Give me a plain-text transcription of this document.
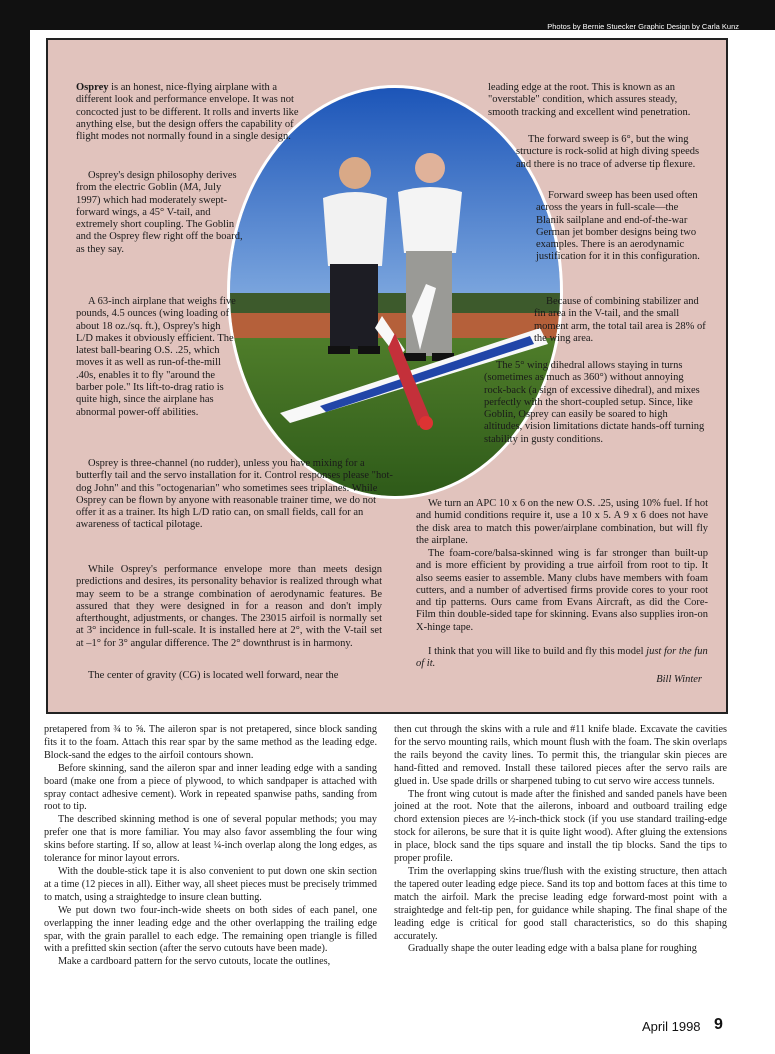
Photos by Bernie Stuecker Graphic Design by Carla Kunz

Osprey is an honest, nice-flying airplane with a different look and performance envelope. It was not concocted just to be different. It rolls and inverts like anything else, but the design offers the capability of flight modes not normally found in a single design.

Osprey's design philosophy derives from the electric Goblin (MA, July 1997) which had moderately swept-forward wings, a 45° V-tail, and extremely short coupling. The Goblin and the Osprey flew right off the board, as they say.

A 63-inch airplane that weighs five pounds, 4.5 ounces (wing loading of about 18 oz./sq. ft.), Osprey's high L/D makes it obviously efficient. The latest ball-bearing O.S. .25, which moves it as well as run-of-the-mill .40s, enables it to fly "around the barber pole." Its lift-to-drag ratio is quite high, since the airplane has abnormal power-off abilities.

Osprey is three-channel (no rudder), unless you have mixing for a butterfly tail and the servo installation for it. Control responses please "hot-dog John" and this "octogenarian" who sometimes sees triplanes. While Osprey can be flown by anyone with reasonable trainer time, we do not offer it as a trainer. Its high L/D ratio can, on small fields, call for an awareness of tactical pilotage.

While Osprey's performance envelope more than meets design predictions and desires, its personality behavior is realized through what may seem to be a strange combination of aerodynamic features. Be assured that they were designed in for a reason and don't imply afterthought, adjustments, or changes. The 23015 airfoil is normally set at 3° incidence in full-scale. It is installed here at 2°, with the V-tail set at –1° for 3° angular difference. The 2° downthrust is in harmony.

The center of gravity (CG) is located well forward, near the

leading edge at the root. This is known as an "overstable" condition, which assures steady, smooth tracking and excellent wind penetration.

The forward sweep is 6°, but the wing structure is rock-solid at high diving speeds and there is no trace of adverse tip flexure.

Forward sweep has been used often across the years in full-scale—the Blanik sailplane and end-of-the-war German jet bomber designs being two examples. There is an aerodynamic justification for it in this configuration.

Because of combining stabilizer and fin area in the V-tail, and the small moment arm, the total tail area is 28% of the wing area.

The 5° wing dihedral allows staying in turns (sometimes as much as 360°) without annoying rock-back (a sign of excessive dihedral), and mixes perfectly with the short-coupled setup. Since, like Goblin, Osprey can easily be soared to high altitudes, vision limitations dictate hands-off turning stability in gusty conditions.

We turn an APC 10 x 6 on the new O.S. .25, using 10% fuel. If hot and humid conditions require it, use a 10 x 5. A 9 x 6 does not have the disk area to match this power/airplane combination, but will fly the airplane.

The foam-core/balsa-skinned wing is far stronger than built-up and is more efficient by providing a true airfoil from root to tip. It also seems easier to assemble. Many clubs have members with foam cutters, and a number of advertised firms provide cores to your root and tip patterns. Ours came from Evans Aircraft, as did the Core-Film thin double-sided tape for skinning. Evans also supplies iron-on X-hinge tape.

I think that you will like to build and fly this model just for the fun of it.

Bill Winter

pretapered from ¾ to ⅝. The aileron spar is not pretapered, since block sanding fits it to the foam. Attach this rear spar by the same method as the leading edge. Block-sand the edges to the airfoil contours shown.

Before skinning, sand the aileron spar and inner leading edge with a sanding board (make one from a piece of plywood, to which sandpaper is attached with spray contact adhesive cement). Work in repeated spanwise paths, sanding from root to tip.

The described skinning method is one of several popular methods; you may prefer one that is more familiar. You may also favor assembling the four wing skins before starting. If so, allow at least ¼-inch overlap along the long edges, as tolerance for minor layout errors.

With the double-stick tape it is also convenient to put down one skin section at a time (12 pieces in all). Either way, all sheet pieces must be precisely trimmed to match, using a straightedge to insure clean butting.

We put down two four-inch-wide sheets on both sides of each panel, one overlapping the inner leading edge and the other overlapping the trailing edge spar, with the grain parallel to each edge. The remaining open triangle is filled with a prefitted skin section (after the servo cutouts have been made).

Make a cardboard pattern for the servo cutouts, locate the outlines,

then cut through the skins with a rule and #11 knife blade. Excavate the cavities for the servo mounting rails, which mount flush with the foam. The skin overlaps the rails beyond the cavity lines. To permit this, the triangular skin pieces are hand-fitted and removed. Install these tailored pieces after the servo rails are glued in. Use spade drills or sharpened tubing to cut servo wire access tunnels.

The front wing cutout is made after the finished and sanded panels have been joined at the root. Note that the ailerons, inboard and outboard trailing edge chord extension pieces are ½-inch-thick stock (if you use standard trailing-edge stock for ailerons, be sure that it is quite light wood). After gluing the extensions in place, block sand the tips square and install the tip blocks. Sand the tips to proper profile.

Trim the overlapping skins true/flush with the existing structure, then attach the tapered outer leading edge piece. Sand its top and bottom faces at this time to match the airfoil. Mark the precise leading edge forward-most point with a straightedge and felt-tip pen, for guidance while shaping. The final shape of the leading edge is critical for good stall characteristics, so do this shaping accurately.

Gradually shape the outer leading edge with a balsa plane for roughing

April 1998 9
